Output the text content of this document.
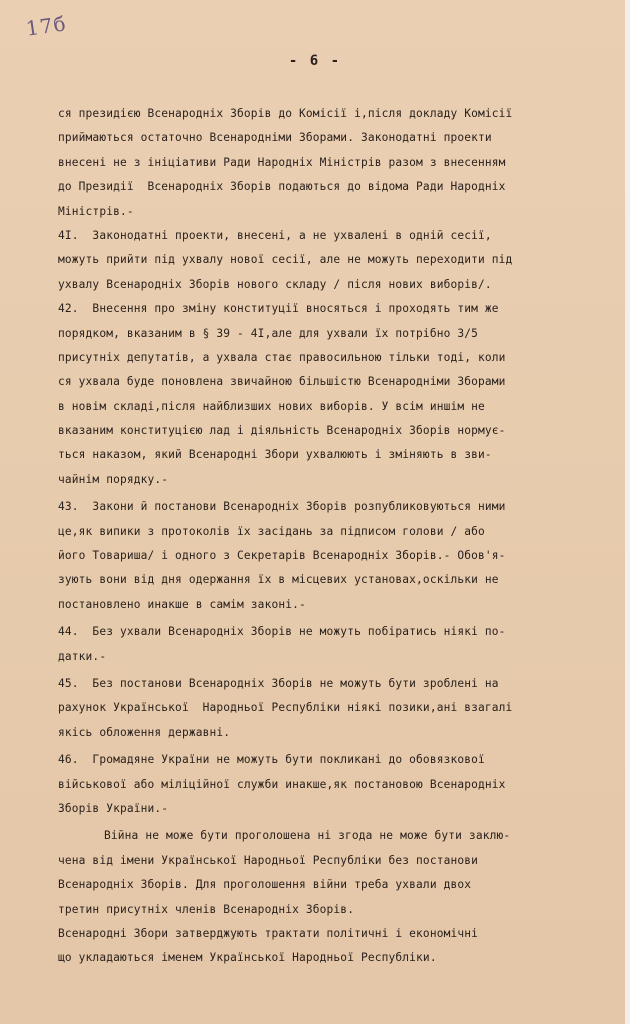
17б
- 6 -
ся президією Всенародніх Зборів до Комісії і,після докладу Комісії
приймаються остаточно Всенародніми Зборами. Законодатні проекти
внесені не з ініціативи Ради Народніх Міністрів разом з внесенням
до Президії  Всенародніх Зборів подаються до відома Ради Народніх
Міністрів.-
4I.  Законодатні проекти, внесені, а не ухвалені в одній сесії,
можуть прийти під ухвалу нової сесії, але не можуть переходити під
ухвалу Всенародніх Зборів нового складу / після нових виборів/.
42.  Внесення про зміну конституції вносяться і проходять тим же
порядком, вказаним в § 39 - 4I,але для ухвали їх потрібно 3/5
присутніх депутатів, а ухвала стає правосильною тільки тоді, коли
ся ухвала буде поновлена звичайною більшістю Всенародніми Зборами
в новім складі,після найблизших нових виборів. У всім иншім не
вказаним конституцією лад і діяльність Всенародніх Зборів нормує-
ться наказом, який Всенародні Збори ухвалюють і зміняють в зви-
чайнім порядку.-
43.  Закони й постанови Всенародніх Зборів розпубликовуються ними
це,як випики з протоколів їх засідань за підписом голови / або
його Товариша/ і одного з Секретарів Всенародніх Зборів.- Обов'я-
зують вони від дня одержання їх в місцевих установах,оскільки не
постановлено инакше в самім законі.-
44.  Без ухвали Всенародніх Зборів не можуть побіратись ніякі по-
датки.-
45.  Без постанови Всенародніх Зборів не можуть бути зроблені на
рахунок Української  Народньої Республіки ніякі позики,ані взагалі
якісь обложення державні.
46.  Громадяне України не можуть бути покликані до обовязкової
військової або міліційної служби инакше,як постановою Всенародніх
Зборів України.-
Війна не може бути проголошена ні згода не може бути заклю-
чена від імени Української Народньої Республіки без постанови
Всенародніх Зборів. Для проголошення війни треба ухвали двох
третин присутніх членів Всенародніх Зборів.
Всенародні Збори затверджують трактати політичні і економічні
що укладаються іменем Української Народньої Республіки.
